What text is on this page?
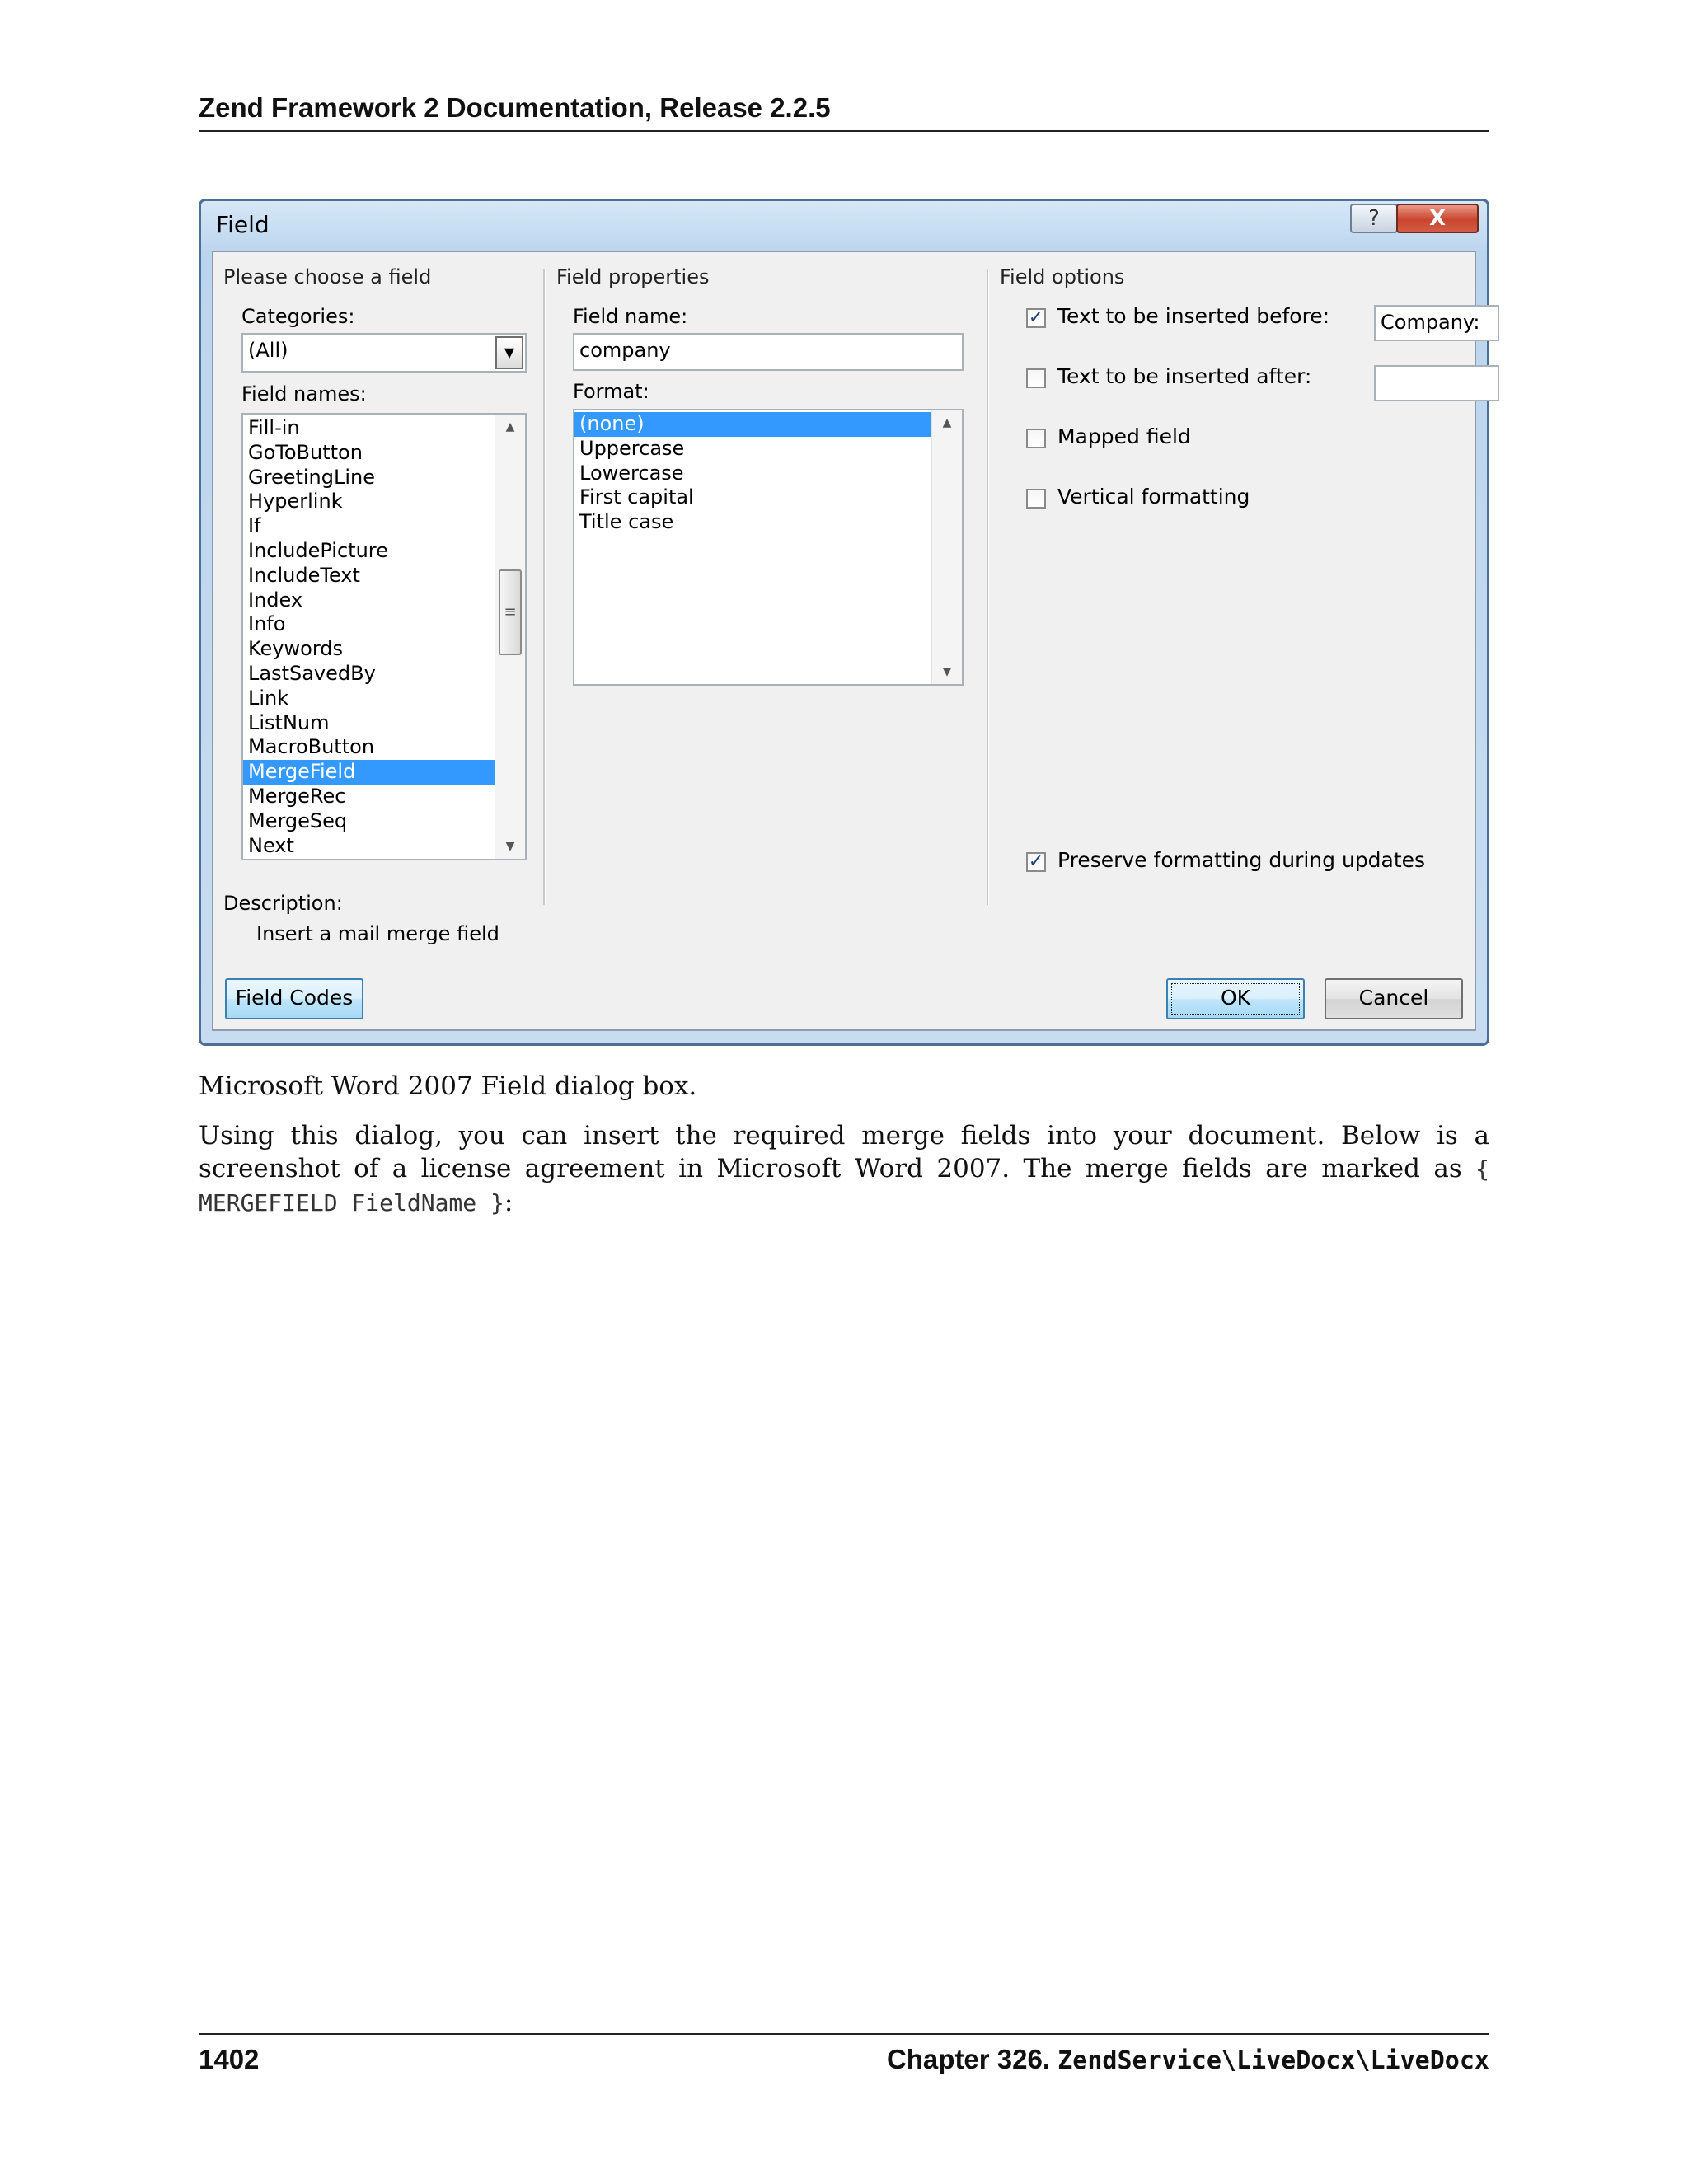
Zend Framework 2 Documentation, Release 2.2.5
Field	?	X
Please choose a field
Categories:
(All)	▼
Field names:
Fill-in
GoToButton
GreetingLine
Hyperlink
If
IncludePicture
IncludeText
Index
Info
Keywords
LastSavedBy
Link
ListNum
MacroButton
MergeField
MergeRec
MergeSeq
Next
▲
≡
▼
Field properties
Field name:
company
Format:
(none)
Uppercase
Lowercase
First capital
Title case
▲
▼
Field options
✓ Text to be inserted before:	Company:
Text to be inserted after:
Mapped field
Vertical formatting
✓ Preserve formatting during updates
Description:
Insert a mail merge field
Field Codes	OK	Cancel
Microsoft Word 2007 Field dialog box.
Using this dialog, you can insert the required merge fields into your document. Below is a screenshot of a license agreement in Microsoft Word 2007. The merge fields are marked as { MERGEFIELD FieldName }:
1402	Chapter 326. ZendService\LiveDocx\LiveDocx
